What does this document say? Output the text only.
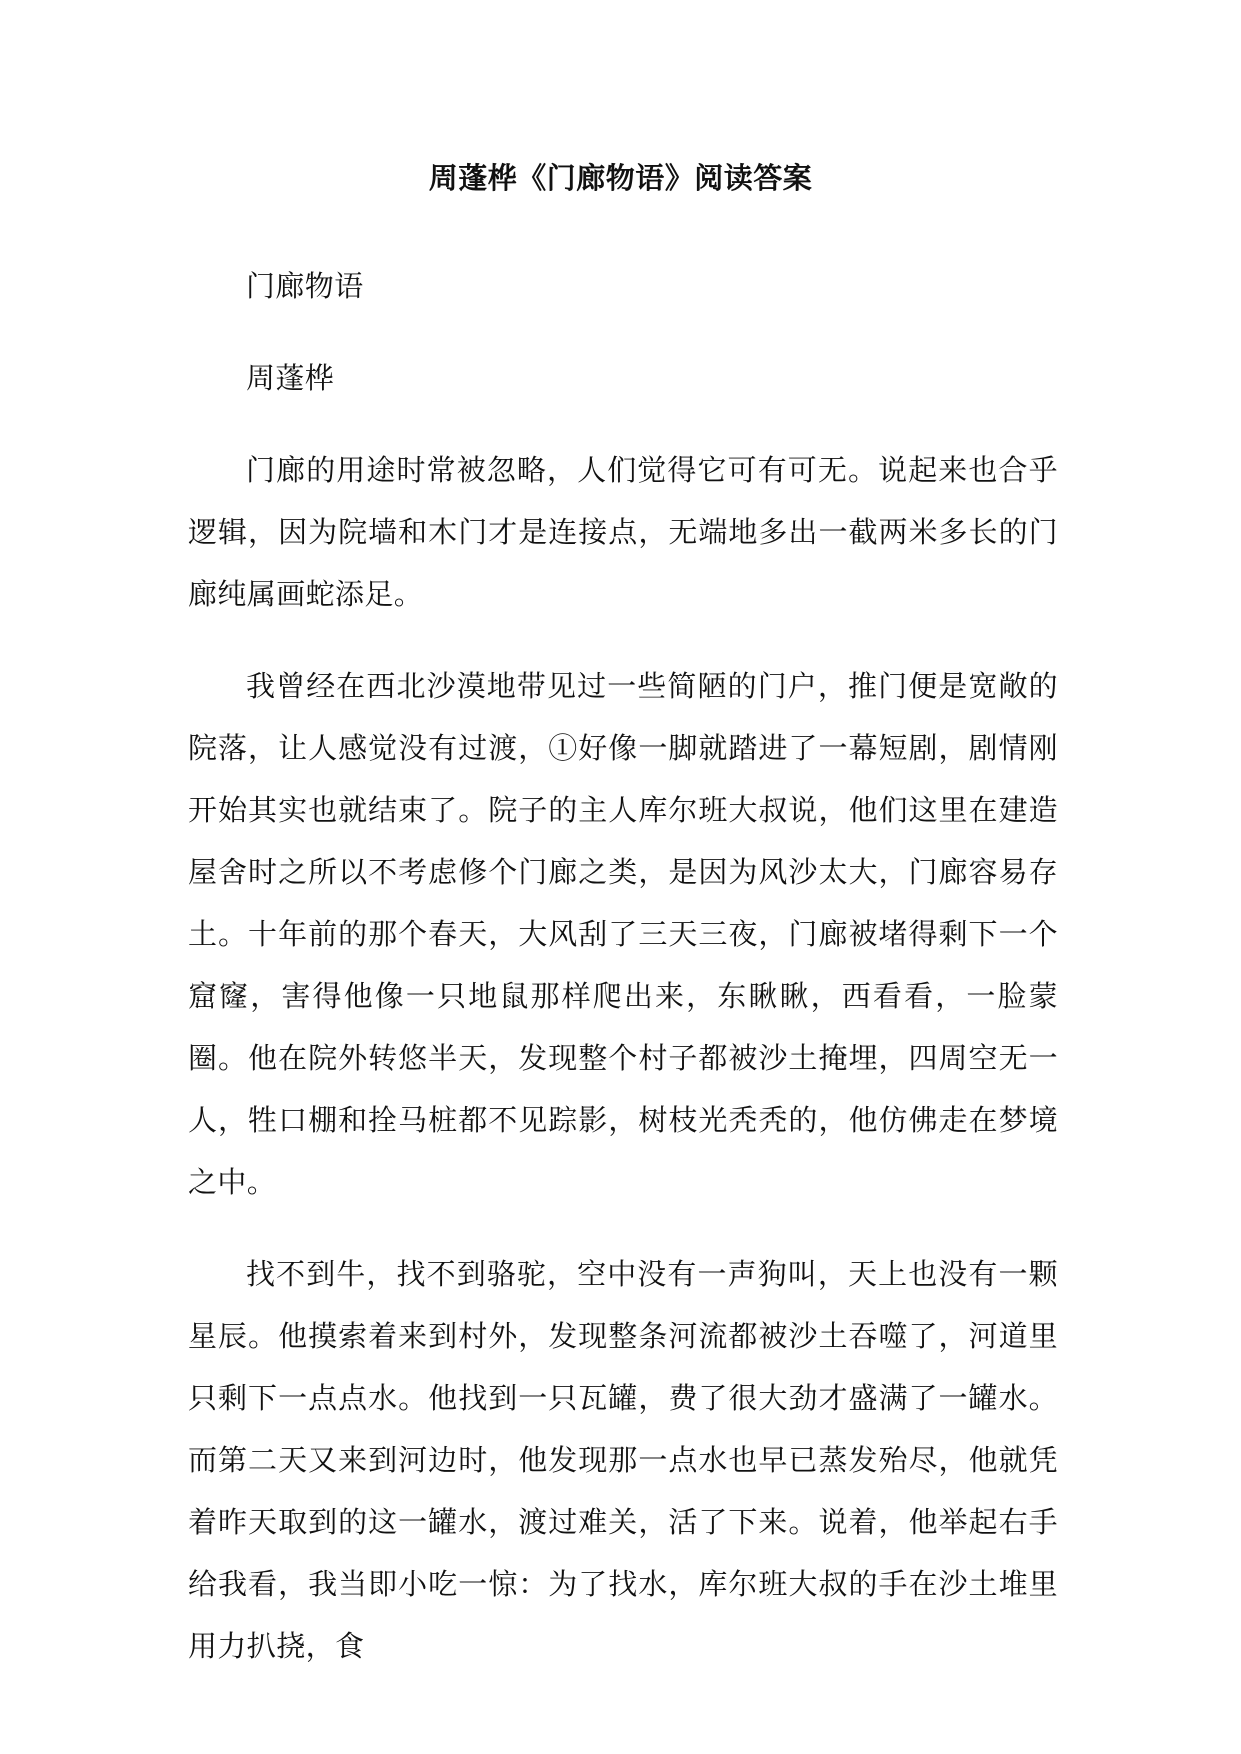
周蓬桦《门廊物语》阅读答案

门廊物语

周蓬桦

门廊的用途时常被忽略，人们觉得它可有可无。说起来也合乎逻辑，因为院墙和木门才是连接点，无端地多出一截两米多长的门廊纯属画蛇添足。

我曾经在西北沙漠地带见过一些简陋的门户，推门便是宽敞的院落，让人感觉没有过渡，①好像一脚就踏进了一幕短剧，剧情刚开始其实也就结束了。院子的主人库尔班大叔说，他们这里在建造屋舍时之所以不考虑修个门廊之类，是因为风沙太大，门廊容易存土。十年前的那个春天，大风刮了三天三夜，门廊被堵得剩下一个窟窿，害得他像一只地鼠那样爬出来，东瞅瞅，西看看，一脸蒙圈。他在院外转悠半天，发现整个村子都被沙土掩埋，四周空无一人，牲口棚和拴马桩都不见踪影，树枝光秃秃的，他仿佛走在梦境之中。

找不到牛，找不到骆驼，空中没有一声狗叫，天上也没有一颗星辰。他摸索着来到村外，发现整条河流都被沙土吞噬了，河道里只剩下一点点水。他找到一只瓦罐，费了很大劲才盛满了一罐水。而第二天又来到河边时，他发现那一点水也早已蒸发殆尽，他就凭着昨天取到的这一罐水，渡过难关，活了下来。说着，他举起右手给我看，我当即小吃一惊：为了找水，库尔班大叔的手在沙土堆里用力扒挠，食
